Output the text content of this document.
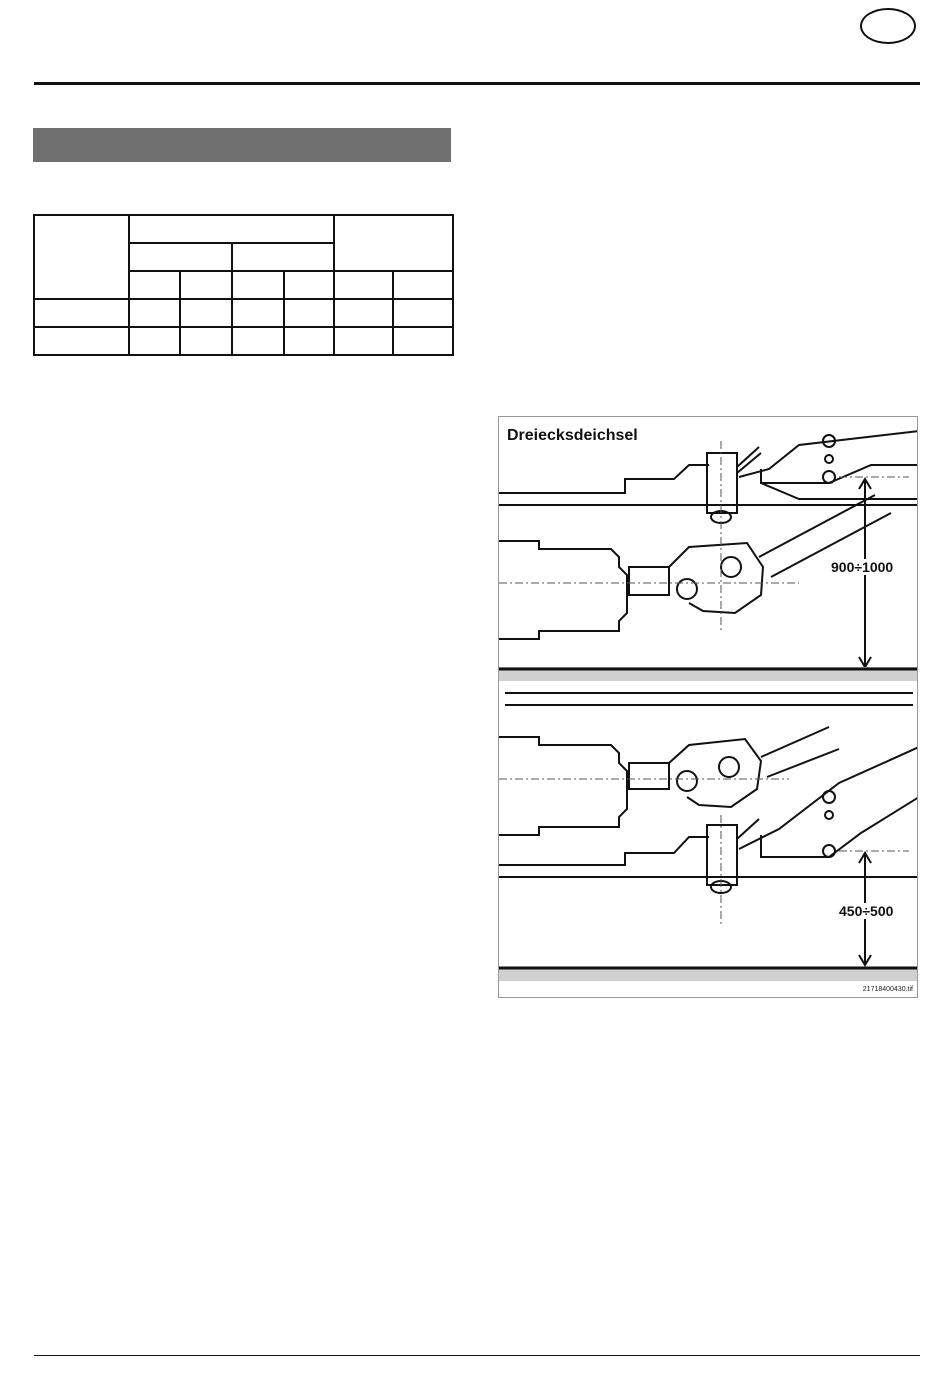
Dreiecksdeichsel
900÷1000
450÷500
21718400430.tif
